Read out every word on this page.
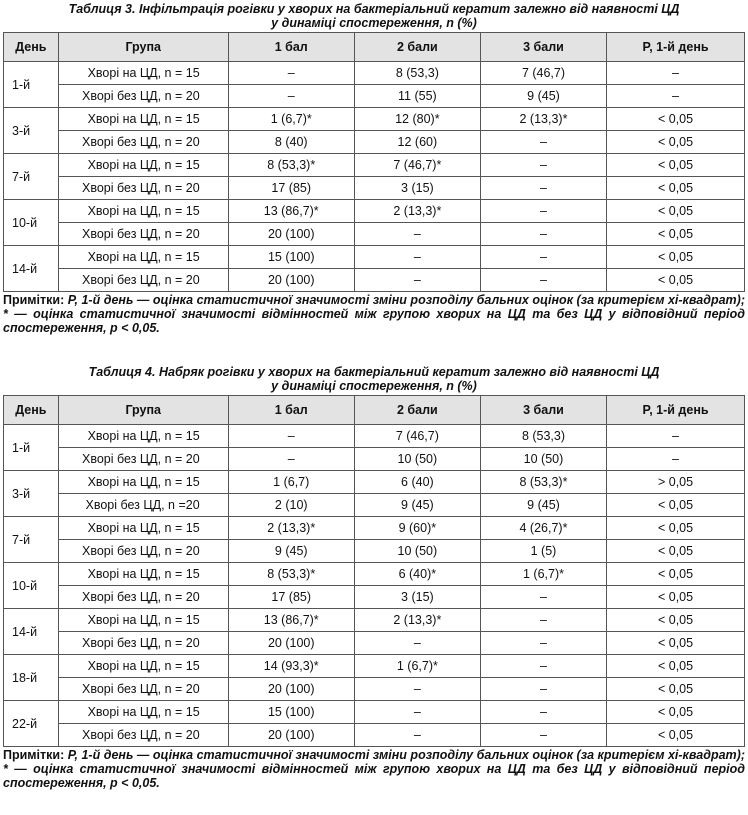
Таблиця 3. Інфільтрація рогівки у хворих на бактеріальний кератит залежно від наявності ЦД
у динаміці спостереження, n (%)

День	Група	1 бал	2 бали	3 бали	P, 1-й день
1-й	Хворі на ЦД, n = 15	–	8 (53,3)	7 (46,7)	–
	Хворі без ЦД, n = 20	–	11 (55)	9 (45)	–
3-й	Хворі на ЦД, n = 15	1 (6,7)*	12 (80)*	2 (13,3)*	< 0,05
	Хворі без ЦД, n = 20	8 (40)	12 (60)	–	< 0,05
7-й	Хворі на ЦД, n = 15	8 (53,3)*	7 (46,7)*	–	< 0,05
	Хворі без ЦД, n = 20	17 (85)	3 (15)	–	< 0,05
10-й	Хворі на ЦД, n = 15	13 (86,7)*	2 (13,3)*	–	< 0,05
	Хворі без ЦД, n = 20	20 (100)	–	–	< 0,05
14-й	Хворі на ЦД, n = 15	15 (100)	–	–	< 0,05
	Хворі без ЦД, n = 20	20 (100)	–	–	< 0,05

Примітки: P, 1-й день — оцінка статистичної значимості зміни розподілу бальних оцінок (за критерієм хі-квадрат); * — оцінка статистичної значимості відмінностей між групою хворих на ЦД та без ЦД у відповідний період спостереження, p < 0,05.

Таблиця 4. Набряк рогівки у хворих на бактеріальний кератит залежно від наявності ЦД
у динаміці спостереження, n (%)

День	Група	1 бал	2 бали	3 бали	P, 1-й день
1-й	Хворі на ЦД, n = 15	–	7 (46,7)	8 (53,3)	–
	Хворі без ЦД, n = 20	–	10 (50)	10 (50)	–
3-й	Хворі на ЦД, n = 15	1 (6,7)	6 (40)	8 (53,3)*	> 0,05
	Хворі без ЦД, n =20	2 (10)	9 (45)	9 (45)	< 0,05
7-й	Хворі на ЦД, n = 15	2 (13,3)*	9 (60)*	4 (26,7)*	< 0,05
	Хворі без ЦД, n = 20	9 (45)	10 (50)	1 (5)	< 0,05
10-й	Хворі на ЦД, n = 15	8 (53,3)*	6 (40)*	1 (6,7)*	< 0,05
	Хворі без ЦД, n = 20	17 (85)	3 (15)	–	< 0,05
14-й	Хворі на ЦД, n = 15	13 (86,7)*	2 (13,3)*	–	< 0,05
	Хворі без ЦД, n = 20	20 (100)	–	–	< 0,05
18-й	Хворі на ЦД, n = 15	14 (93,3)*	1 (6,7)*	–	< 0,05
	Хворі без ЦД, n = 20	20 (100)	–	–	< 0,05
22-й	Хворі на ЦД, n = 15	15 (100)	–	–	< 0,05
	Хворі без ЦД, n = 20	20 (100)	–	–	< 0,05

Примітки: P, 1-й день — оцінка статистичної значимості зміни розподілу бальних оцінок (за критерієм хі-квадрат); * — оцінка статистичної значимості відмінностей між групою хворих на ЦД та без ЦД у відповідний період спостереження, p < 0,05.
